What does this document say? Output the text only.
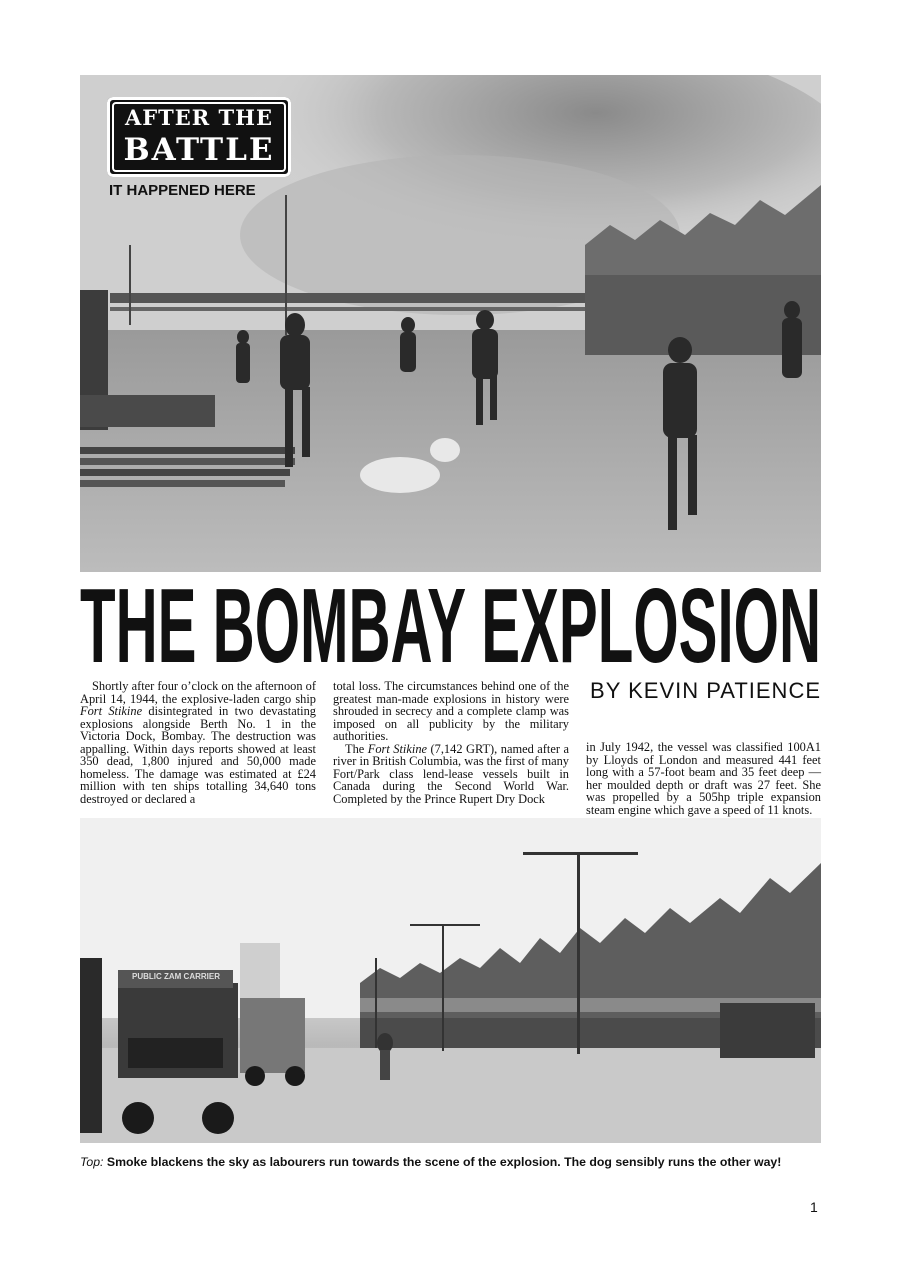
AFTER THE
BATTLE
IT HAPPENED HERE
THE BOMBAY EXPLOSION
BY KEVIN PATIENCE

Shortly after four o’clock on the afternoon of April 14, 1944, the explosive-laden cargo ship Fort Stikine disintegrated in two devastating explosions alongside Berth No. 1 in the Victoria Dock, Bombay. The destruction was appalling. Within days reports showed at least 350 dead, 1,800 injured and 50,000 made homeless. The damage was estimated at £24 million with ten ships totalling 34,640 tons destroyed or declared a

total loss. The circumstances behind one of the greatest man-made explosions in history were shrouded in secrecy and a complete clamp was imposed on all publicity by the military authorities.

The Fort Stikine (7,142 GRT), named after a river in British Columbia, was the first of many Fort/Park class lend-lease vessels built in Canada during the Second World War. Completed by the Prince Rupert Dry Dock

in July 1942, the vessel was classified 100A1 by Lloyds of London and measured 441 feet long with a 57-foot beam and 35 feet deep — her moulded depth or draft was 27 feet. She was propelled by a 505hp triple expansion steam engine which gave a speed of 11 knots.

PUBLIC ZAM CARRIER
Top: Smoke blackens the sky as labourers run towards the scene of the explosion. The dog sensibly runs the other way!
1
